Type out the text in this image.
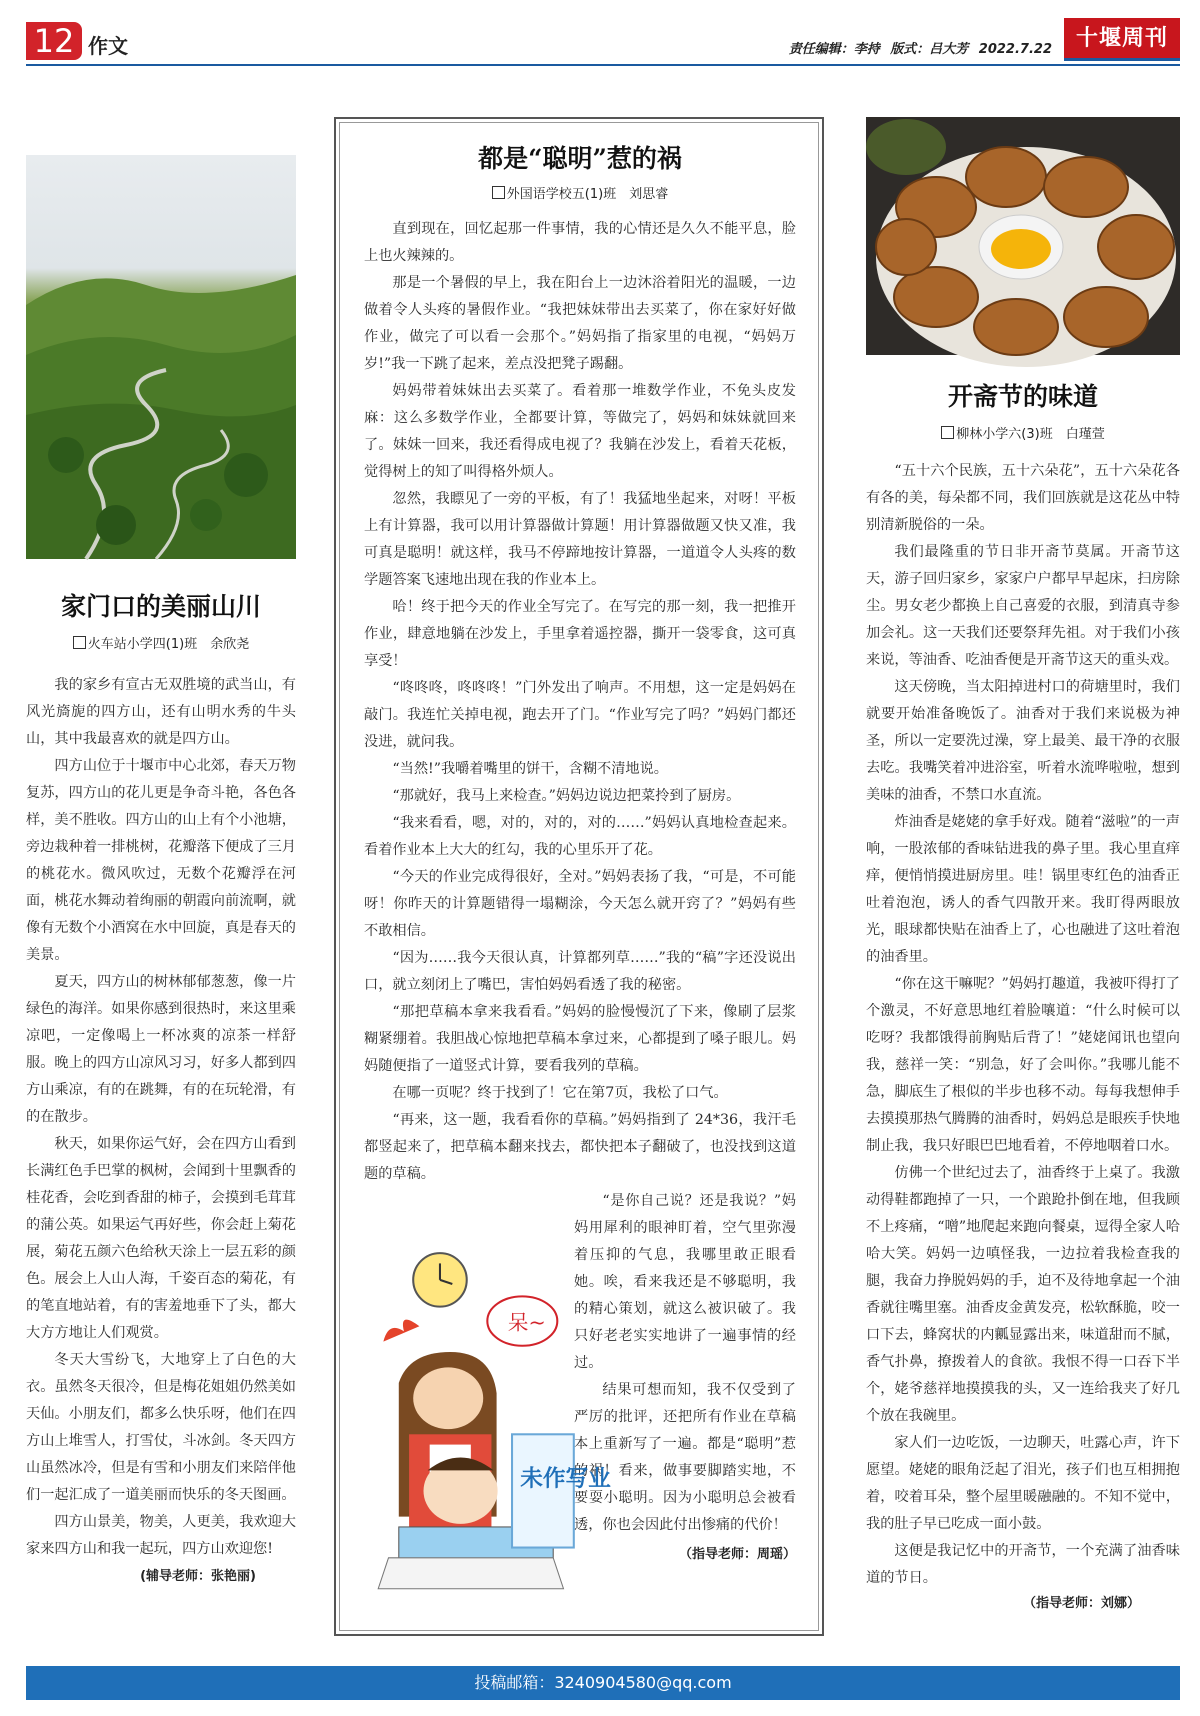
12 作文	责任编辑：李持 版式：吕大芳 2022.7.22	十堰周刊
家门口的美丽山川
火车站小学四(1)班　余欣尧

我的家乡有宣古无双胜境的武当山，有风光旖旎的四方山，还有山明水秀的牛头山，其中我最喜欢的就是四方山。

四方山位于十堰市中心北郊，春天万物复苏，四方山的花儿更是争奇斗艳，各色各样，美不胜收。四方山的山上有个小池塘，旁边栽种着一排桃树，花瓣落下便成了三月的桃花水。微风吹过，无数个花瓣浮在河面，桃花水舞动着绚丽的朝霞向前流啊，就像有无数个小酒窝在水中回旋，真是春天的美景。

夏天，四方山的树林郁郁葱葱，像一片绿色的海洋。如果你感到很热时，来这里乘凉吧，一定像喝上一杯冰爽的凉茶一样舒服。晚上的四方山凉风习习，好多人都到四方山乘凉，有的在跳舞，有的在玩轮滑，有的在散步。

秋天，如果你运气好，会在四方山看到长满红色手巴掌的枫树，会闻到十里飘香的桂花香，会吃到香甜的柿子，会摸到毛茸茸的蒲公英。如果运气再好些，你会赶上菊花展，菊花五颜六色给秋天涂上一层五彩的颜色。展会上人山人海，千姿百态的菊花，有的笔直地站着，有的害羞地垂下了头，都大大方方地让人们观赏。

冬天大雪纷飞，大地穿上了白色的大衣。虽然冬天很冷，但是梅花姐姐仍然美如天仙。小朋友们，都多么快乐呀，他们在四方山上堆雪人，打雪仗，斗冰剑。冬天四方山虽然冰冷，但是有雪和小朋友们来陪伴他们一起汇成了一道美丽而快乐的冬天图画。

四方山景美，物美，人更美，我欢迎大家来四方山和我一起玩，四方山欢迎您!

(辅导老师：张艳丽)
都是“聪明”惹的祸
外国语学校五(1)班　刘思睿

直到现在，回忆起那一件事情，我的心情还是久久不能平息，脸上也火辣辣的。

那是一个暑假的早上，我在阳台上一边沐浴着阳光的温暖，一边做着令人头疼的暑假作业。“我把妹妹带出去买菜了，你在家好好做作业，做完了可以看一会那个。”妈妈指了指家里的电视，“妈妈万岁!”我一下跳了起来，差点没把凳子踢翻。

妈妈带着妹妹出去买菜了。看着那一堆数学作业，不免头皮发麻：这么多数学作业，全都要计算，等做完了，妈妈和妹妹就回来了。妹妹一回来，我还看得成电视了？我躺在沙发上，看着天花板，觉得树上的知了叫得格外烦人。

忽然，我瞟见了一旁的平板，有了！我猛地坐起来，对呀！平板上有计算器，我可以用计算器做计算题！用计算器做题又快又准，我可真是聪明！就这样，我马不停蹄地按计算器，一道道令人头疼的数学题答案飞速地出现在我的作业本上。

哈！终于把今天的作业全写完了。在写完的那一刻，我一把推开作业，肆意地躺在沙发上，手里拿着遥控器，撕开一袋零食，这可真享受！

“咚咚咚，咚咚咚！”门外发出了响声。不用想，这一定是妈妈在敲门。我连忙关掉电视，跑去开了门。“作业写完了吗？”妈妈门都还没进，就问我。

“当然!”我嚼着嘴里的饼干，含糊不清地说。

“那就好，我马上来检查。”妈妈边说边把菜拎到了厨房。

“我来看看，嗯，对的，对的，对的……”妈妈认真地检查起来。看着作业本上大大的红勾，我的心里乐开了花。

“今天的作业完成得很好，全对。”妈妈表扬了我，“可是，不可能呀！你昨天的计算题错得一塌糊涂，今天怎么就开窍了？”妈妈有些不敢相信。

“因为……我今天很认真，计算都列草……”我的“稿”字还没说出口，就立刻闭上了嘴巴，害怕妈妈看透了我的秘密。

“那把草稿本拿来我看看。”妈妈的脸慢慢沉了下来，像刷了层浆糊紧绷着。我胆战心惊地把草稿本拿过来，心都提到了嗓子眼儿。妈妈随便指了一道竖式计算，要看我列的草稿。

在哪一页呢？终于找到了！它在第7页，我松了口气。

“再来，这一题，我看看你的草稿。”妈妈指到了 24*36，我汗毛都竖起来了，把草稿本翻来找去，都快把本子翻破了，也没找到这道题的草稿。

“是你自己说？还是我说？”妈妈用犀利的眼神盯着，空气里弥漫着压抑的气息，我哪里敢正眼看她。唉，看来我还是不够聪明，我的精心策划，就这么被识破了。我只好老老实实地讲了一遍事情的经过。

结果可想而知，我不仅受到了严厉的批评，还把所有作业在草稿本上重新写了一遍。都是“聪明”惹的祸！看来，做事要脚踏实地，不要耍小聪明。因为小聪明总会被看透，你也会因此付出惨痛的代价！

（指导老师：周瑶）
呆~
未作写业
开斋节的味道
柳林小学六(3)班　白瑾萱

“五十六个民族，五十六朵花”，五十六朵花各有各的美，每朵都不同，我们回族就是这花丛中特别清新脱俗的一朵。

我们最隆重的节日非开斋节莫属。开斋节这天，游子回归家乡，家家户户都早早起床，扫房除尘。男女老少都换上自己喜爱的衣服，到清真寺参加会礼。这一天我们还要祭拜先祖。对于我们小孩来说，等油香、吃油香便是开斋节这天的重头戏。

这天傍晚，当太阳掉进村口的荷塘里时，我们就要开始准备晚饭了。油香对于我们来说极为神圣，所以一定要洗过澡，穿上最美、最干净的衣服去吃。我嘴笑着冲进浴室，听着水流哗啦啦，想到美味的油香，不禁口水直流。

炸油香是姥姥的拿手好戏。随着“滋啦”的一声响，一股浓郁的香味钻进我的鼻子里。我心里直痒痒，便悄悄摸进厨房里。哇！锅里枣红色的油香正吐着泡泡，诱人的香气四散开来。我盯得两眼放光，眼球都快贴在油香上了，心也融进了这吐着泡的油香里。

“你在这干嘛呢？”妈妈打趣道，我被吓得打了个激灵，不好意思地红着脸嚷道：“什么时候可以吃呀？我都饿得前胸贴后背了！”姥姥闻讯也望向我，慈祥一笑：“别急，好了会叫你。”我哪儿能不急，脚底生了根似的半步也移不动。每每我想伸手去摸摸那热气腾腾的油香时，妈妈总是眼疾手快地制止我，我只好眼巴巴地看着，不停地咽着口水。

仿佛一个世纪过去了，油香终于上桌了。我激动得鞋都跑掉了一只，一个踉跄扑倒在地，但我顾不上疼痛，“噌”地爬起来跑向餐桌，逗得全家人哈哈大笑。妈妈一边嗔怪我，一边拉着我检查我的腿，我奋力挣脱妈妈的手，迫不及待地拿起一个油香就往嘴里塞。油香皮金黄发亮，松软酥脆，咬一口下去，蜂窝状的内瓤显露出来，味道甜而不腻，香气扑鼻，撩拨着人的食欲。我恨不得一口吞下半个，姥爷慈祥地摸摸我的头，又一连给我夹了好几个放在我碗里。

家人们一边吃饭，一边聊天，吐露心声，许下愿望。姥姥的眼角泛起了泪光，孩子们也互相拥抱着，咬着耳朵，整个屋里暖融融的。不知不觉中，我的肚子早已吃成一面小鼓。

这便是我记忆中的开斋节，一个充满了油香味道的节日。

（指导老师：刘娜）
投稿邮箱：3240904580@qq.com
